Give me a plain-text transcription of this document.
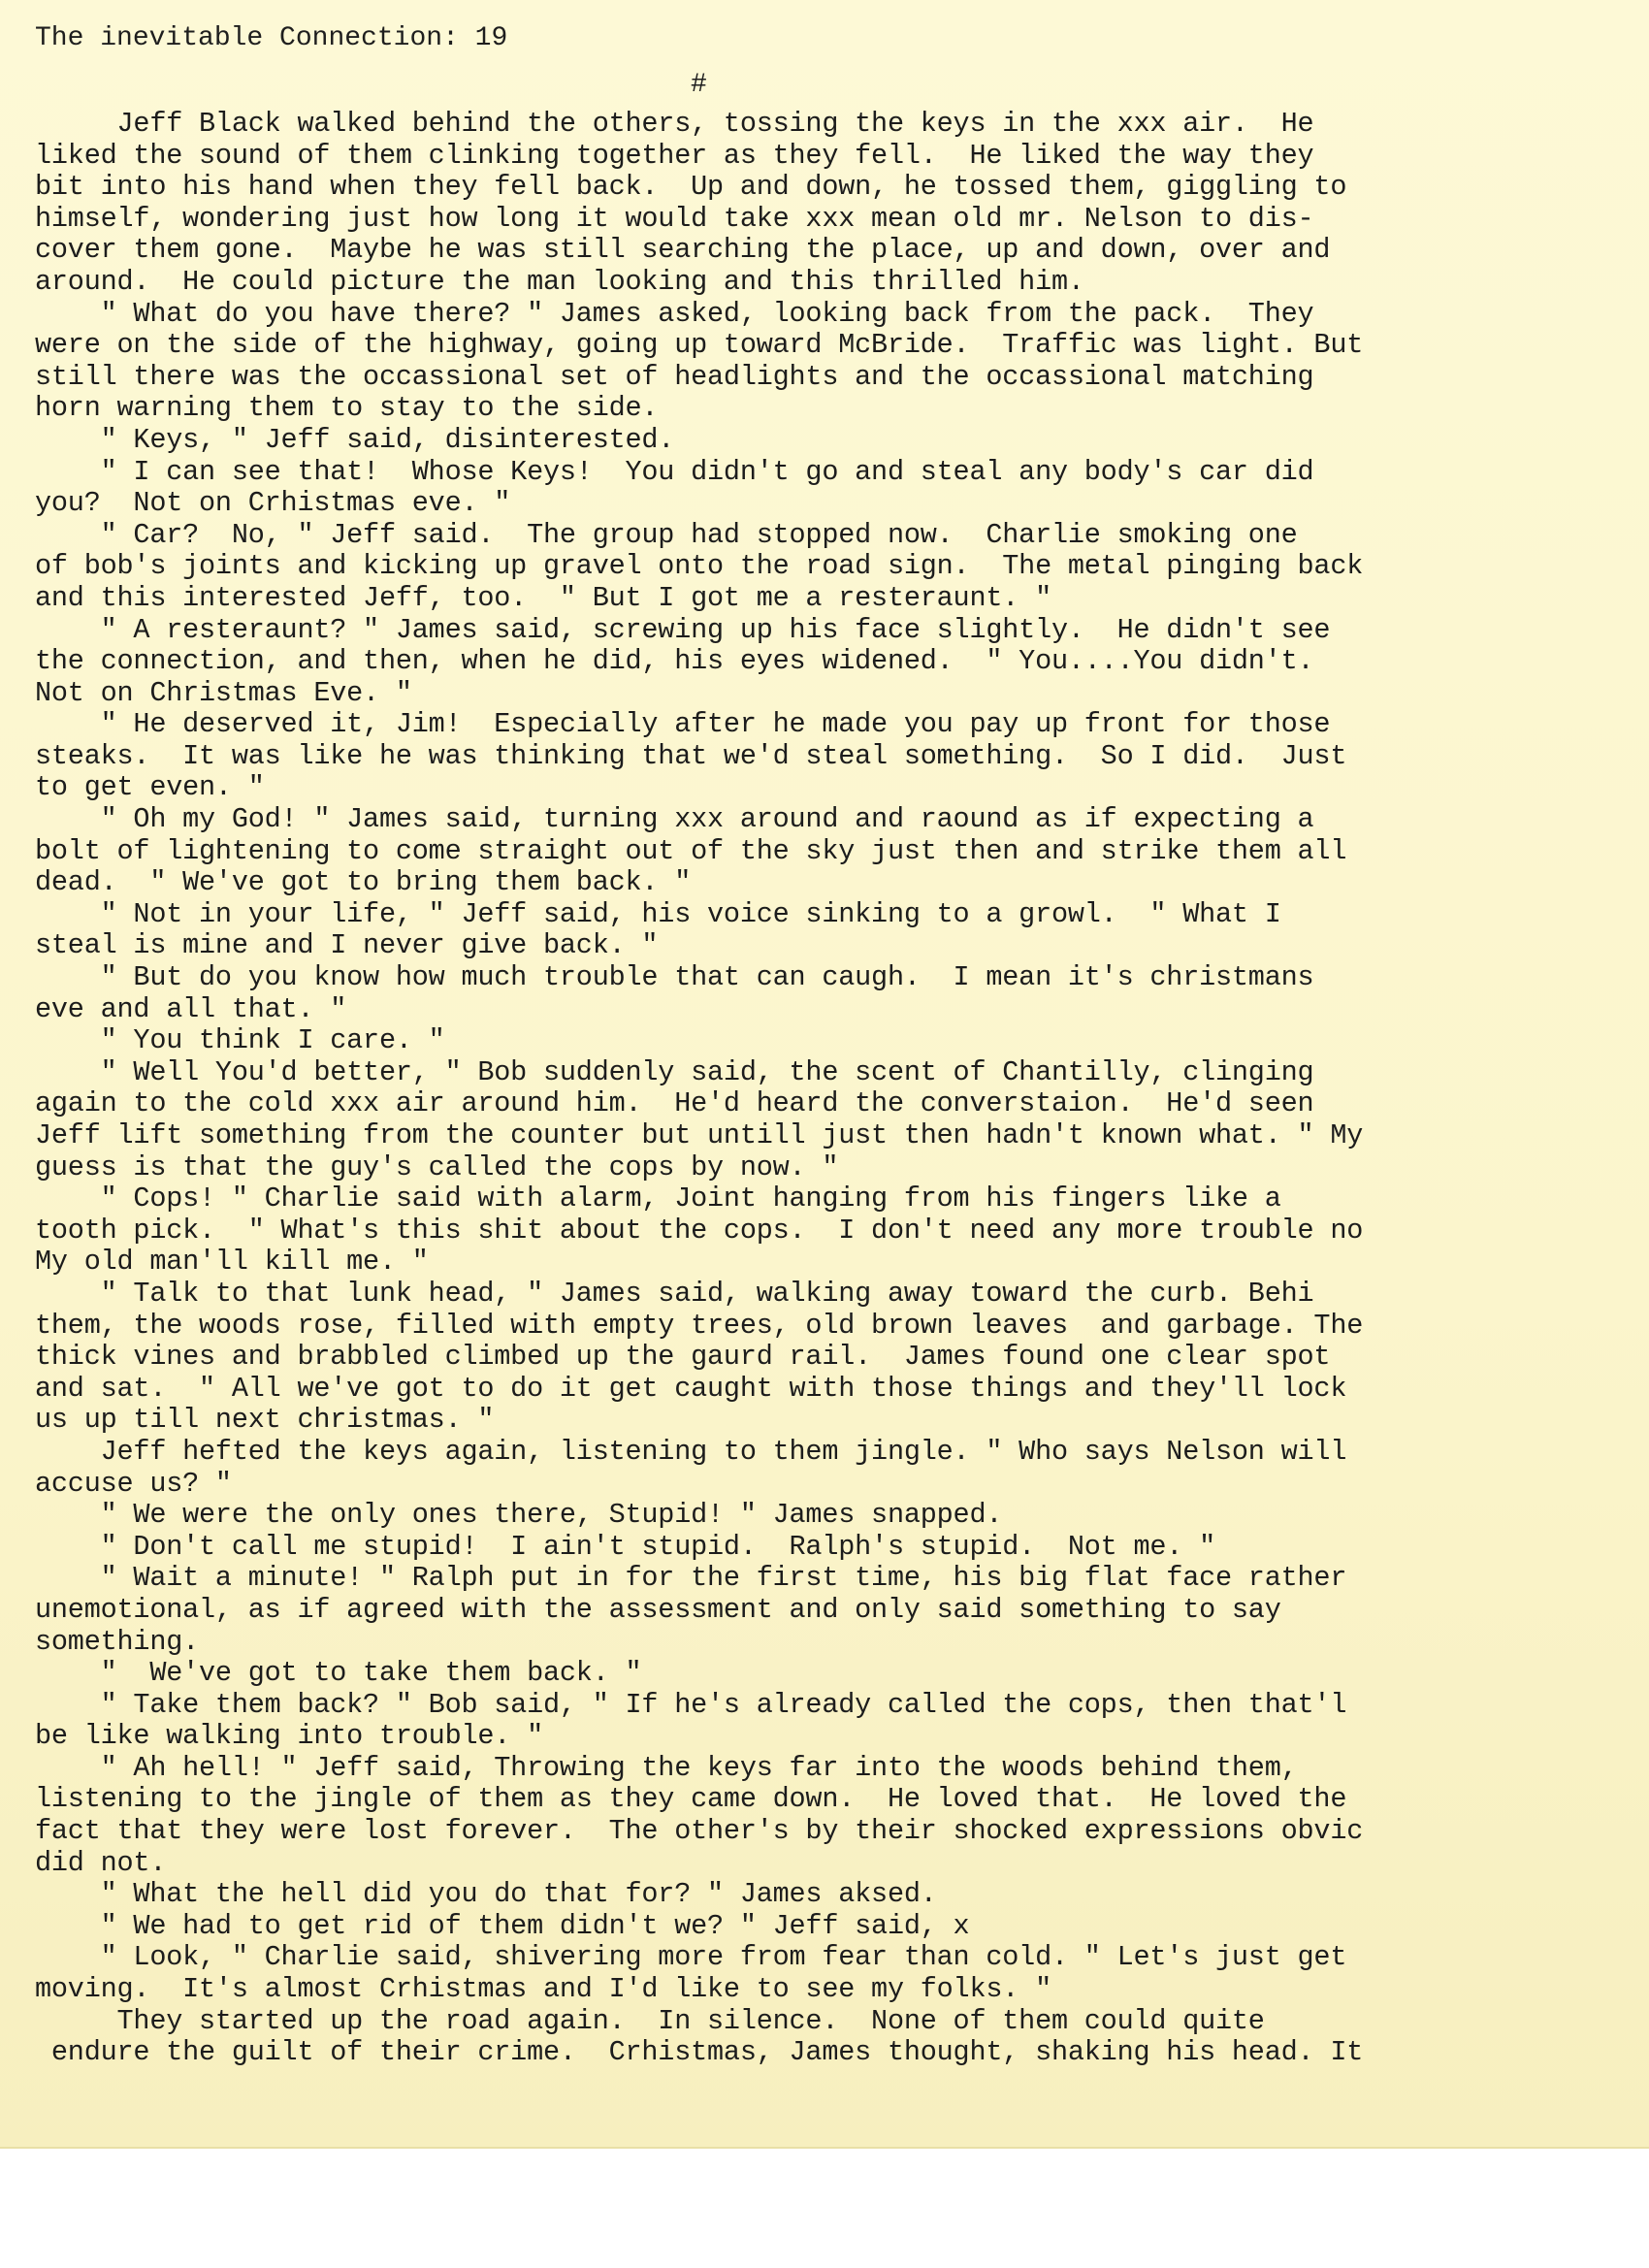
The inevitable Connection: 19
#
Jeff Black walked behind the others, tossing the keys in the xxx air.  He
liked the sound of them clinking together as they fell.  He liked the way they
bit into his hand when they fell back.  Up and down, he tossed them, giggling to
himself, wondering just how long it would take xxx mean old mr. Nelson to dis-
cover them gone.  Maybe he was still searching the place, up and down, over and
around.  He could picture the man looking and this thrilled him.
" What do you have there? " James asked, looking back from the pack.  They
were on the side of the highway, going up toward McBride.  Traffic was light. But
still there was the occassional set of headlights and the occassional matching
horn warning them to stay to the side.
" Keys, " Jeff said, disinterested.
" I can see that!  Whose Keys!  You didn't go and steal any body's car did
you?  Not on Crhistmas eve. "
" Car?  No, " Jeff said.  The group had stopped now.  Charlie smoking one
of bob's joints and kicking up gravel onto the road sign.  The metal pinging back
and this interested Jeff, too.  " But I got me a resteraunt. "
" A resteraunt? " James said, screwing up his face slightly.  He didn't see
the connection, and then, when he did, his eyes widened.  " You....You didn't.
Not on Christmas Eve. "
" He deserved it, Jim!  Especially after he made you pay up front for those
steaks.  It was like he was thinking that we'd steal something.  So I did.  Just
to get even. "
" Oh my God! " James said, turning xxx around and raound as if expecting a
bolt of lightening to come straight out of the sky just then and strike them all
dead.  " We've got to bring them back. "
" Not in your life, " Jeff said, his voice sinking to a growl.  " What I
steal is mine and I never give back. "
" But do you know how much trouble that can caugh.  I mean it's christmans
eve and all that. "
" You think I care. "
" Well You'd better, " Bob suddenly said, the scent of Chantilly, clinging
again to the cold xxx air around him.  He'd heard the converstaion.  He'd seen
Jeff lift something from the counter but untill just then hadn't known what. " My
guess is that the guy's called the cops by now. "
" Cops! " Charlie said with alarm, Joint hanging from his fingers like a
tooth pick.  " What's this shit about the cops.  I don't need any more trouble no
My old man'll kill me. "
" Talk to that lunk head, " James said, walking away toward the curb. Behi
them, the woods rose, filled with empty trees, old brown leaves  and garbage. The
thick vines and brabbled climbed up the gaurd rail.  James found one clear spot
and sat.  " All we've got to do it get caught with those things and they'll lock
us up till next christmas. "
Jeff hefted the keys again, listening to them jingle. " Who says Nelson will
accuse us? "
" We were the only ones there, Stupid! " James snapped.
" Don't call me stupid!  I ain't stupid.  Ralph's stupid.  Not me. "
" Wait a minute! " Ralph put in for the first time, his big flat face rather
unemotional, as if agreed with the assessment and only said something to say
something.
"  We've got to take them back. "
" Take them back? " Bob said, " If he's already called the cops, then that'l
be like walking into trouble. "
" Ah hell! " Jeff said, Throwing the keys far into the woods behind them,
listening to the jingle of them as they came down.  He loved that.  He loved the
fact that they were lost forever.  The other's by their shocked expressions obvic
did not.
" What the hell did you do that for? " James aksed.
" We had to get rid of them didn't we? " Jeff said, x
" Look, " Charlie said, shivering more from fear than cold. " Let's just get
moving.  It's almost Crhistmas and I'd like to see my folks. "
They started up the road again.  In silence.  None of them could quite
endure the guilt of their crime.  Crhistmas, James thought, shaking his head. It
